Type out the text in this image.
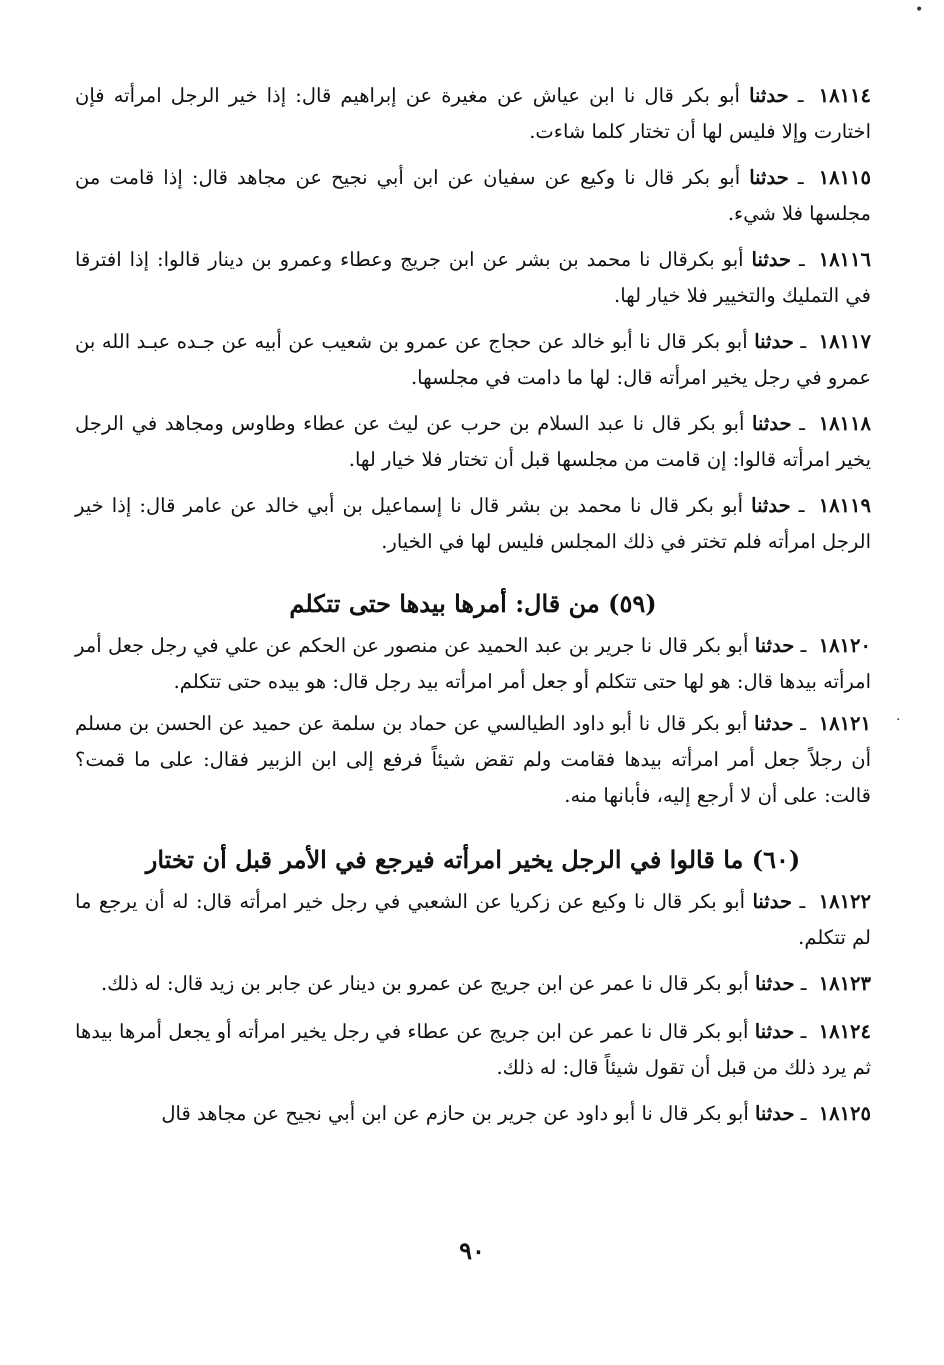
•
·

١٨١١٤ ـ حدثنا أبو بكر قال نا ابن عياش عن مغيرة عن إبراهيم قال: إذا خير الرجل امرأته فإن اختارت وإلا فليس لها أن تختار كلما شاءت.

١٨١١٥ ـ حدثنا أبو بكر قال نا وكيع عن سفيان عن ابن أبي نجيح عن مجاهد قال: إذا قامت من مجلسها فلا شيء.

١٨١١٦ ـ حدثنا أبو بكرقال نا محمد بن بشر عن ابن جريج وعطاء وعمرو بن دينار قالوا: إذا افترقا في التمليك والتخيير فلا خيار لها.

١٨١١٧ ـ حدثنا أبو بكر قال نا أبو خالد عن حجاج عن عمرو بن شعيب عن أبيه عن جـده عبـد الله بن عمرو في رجل يخير امرأته قال: لها ما دامت في مجلسها.

١٨١١٨ ـ حدثنا أبو بكر قال نا عبد السلام بن حرب عن ليث عن عطاء وطاوس ومجاهد في الرجل يخير امرأته قالوا: إن قامت من مجلسها قبل أن تختار فلا خيار لها.

١٨١١٩ ـ حدثنا أبو بكر قال نا محمد بن بشر قال نا إسماعيل بن أبي خالد عن عامر قال: إذا خير الرجل امرأته فلم تختر في ذلك المجلس فليس لها في الخيار.

(٥٩) من قال: أمرها بيدها حتى تتكلم

١٨١٢٠ ـ حدثنا أبو بكر قال نا جرير بن عبد الحميد عن منصور عن الحكم عن علي في رجل جعل أمر امرأته بيدها قال: هو لها حتى تتكلم أو جعل أمر امرأته بيد رجل قال: هو بيده حتى تتكلم.

١٨١٢١ ـ حدثنا أبو بكر قال نا أبو داود الطيالسي عن حماد بن سلمة عن حميد عن الحسن بن مسلم أن رجلاً جعل أمر امرأته بيدها فقامت ولم تقض شيئاً فرفع إلى ابن الزبير فقال: على ما قمت؟ قالت: على أن لا أرجع إليه، فأبانها منه.

(٦٠) ما قالوا في الرجل يخير امرأته فيرجع في الأمر قبل أن تختار

١٨١٢٢ ـ حدثنا أبو بكر قال نا وكيع عن زكريا عن الشعبي في رجل خير امرأته قال: له أن يرجع ما لم تتكلم.

١٨١٢٣ ـ حدثنا أبو بكر قال نا عمر عن ابن جريج عن عمرو بن دينار عن جابر بن زيد قال: له ذلك.

١٨١٢٤ ـ حدثنا أبو بكر قال نا عمر عن ابن جريج عن عطاء في رجل يخير امرأته أو يجعل أمرها بيدها ثم يرد ذلك من قبل أن تقول شيئاً قال: له ذلك.

١٨١٢٥ ـ حدثنا أبو بكر قال نا أبو داود عن جرير بن حازم عن ابن أبي نجيح عن مجاهد قال

٩٠
